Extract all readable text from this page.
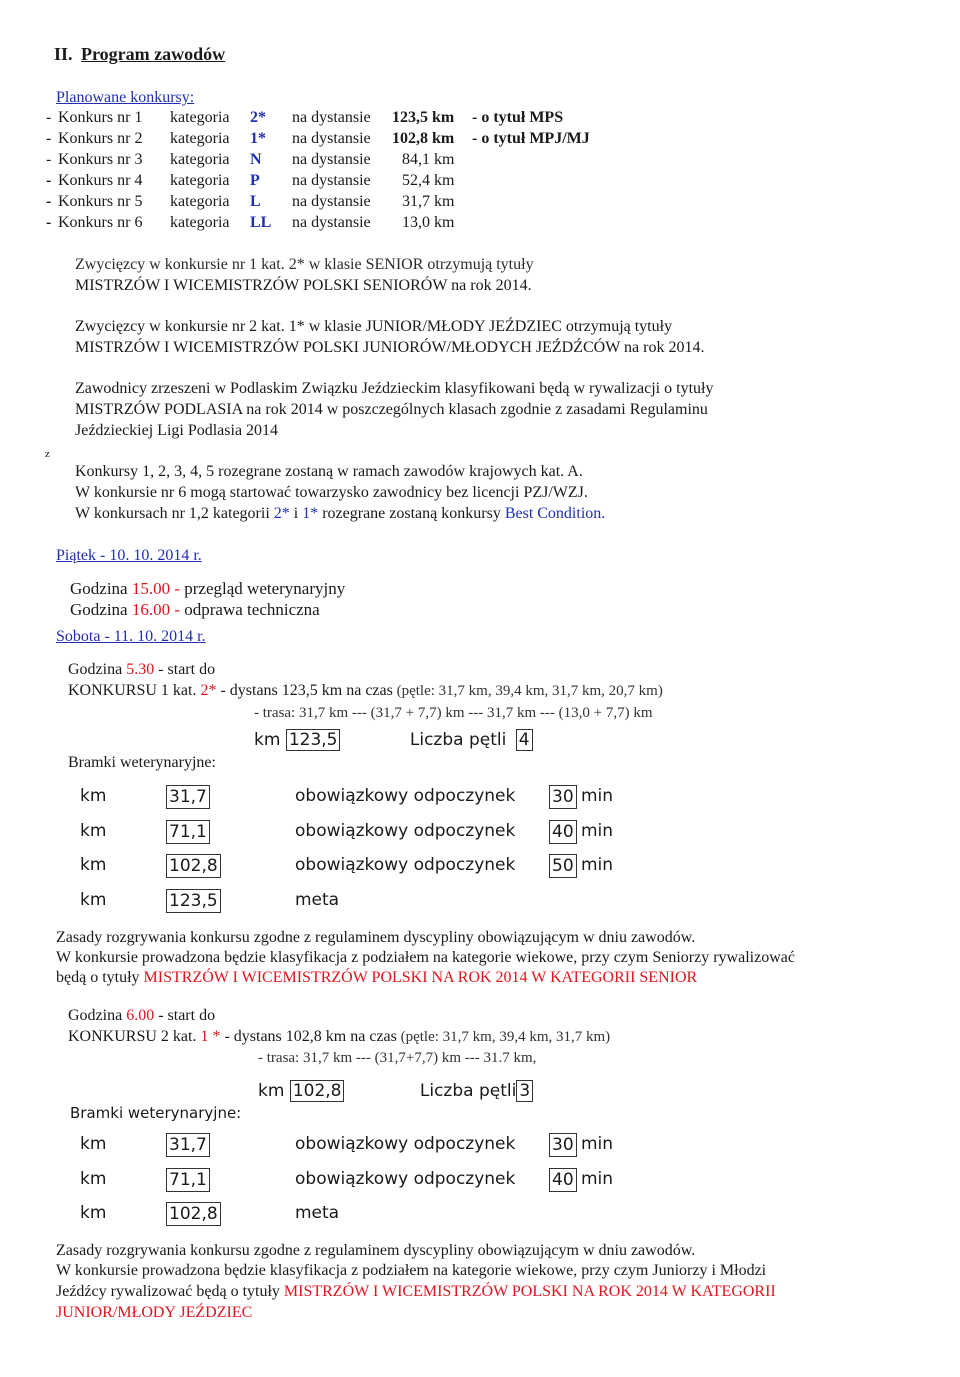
II. Program zawodów
Planowane konkursy:
Zwycięzcy w konkursie nr 1 kat. 2* w klasie SENIOR otrzymują tytuły
MISTRZÓW I WICEMISTRZÓW POLSKI SENIORÓW na rok 2014.
Zwycięzcy w konkursie nr 2 kat. 1* w klasie JUNIOR/MŁODY JEŹDZIEC otrzymują tytuły
MISTRZÓW I WICEMISTRZÓW POLSKI JUNIORÓW/MŁODYCH JEŹDŹCÓW na rok 2014.
Zawodnicy zrzeszeni w Podlaskim Związku Jeździeckim klasyfikowani będą w rywalizacji o tytuły
MISTRZÓW PODLASIA na rok 2014 w poszczególnych klasach zgodnie z zasadami Regulaminu
Jeździeckiej Ligi Podlasia 2014
z
Konkursy 1, 2, 3, 4, 5 rozegrane zostaną w ramach zawodów krajowych kat. A.
W konkursie nr 6 mogą startować towarzysko zawodnicy bez licencji PZJ/WZJ.
W konkursach nr 1,2 kategorii 2* i 1* rozegrane zostaną konkursy Best Condition.
Piątek - 10. 10. 2014 r.
Godzina 15.00 - przegląd weterynaryjny
Godzina 16.00 - odprawa techniczna
Sobota - 11. 10. 2014 r.
Godzina 5.30 - start do
KONKURSU 1 kat. 2* - dystans 123,5 km na czas (pętle: 31,7 km, 39,4 km, 31,7 km, 20,7 km)
- trasa: 31,7 km --- (31,7 + 7,7) km --- 31,7 km --- (13,0 + 7,7) km
km 123,5	Liczba pętli 4
Bramki weterynaryjne:
Zasady rozgrywania konkursu zgodne z regulaminem dyscypliny obowiązującym w dniu zawodów.
W konkursie prowadzona będzie klasyfikacja z podziałem na kategorie wiekowe, przy czym Seniorzy rywalizować
będą o tytuły MISTRZÓW I WICEMISTRZÓW POLSKI NA ROK 2014 W KATEGORII SENIOR
Godzina 6.00 - start do
KONKURSU 2 kat. 1 * - dystans 102,8 km na czas (pętle: 31,7 km, 39,4 km, 31,7 km)
- trasa: 31,7 km --- (31,7+7,7) km --- 31.7 km,
km 102,8	Liczba pętli 3
Bramki weterynaryjne:
Zasady rozgrywania konkursu zgodne z regulaminem dyscypliny obowiązującym w dniu zawodów.
W konkursie prowadzona będzie klasyfikacja z podziałem na kategorie wiekowe, przy czym Juniorzy i Młodzi
Jeźdźcy rywalizować będą o tytuły MISTRZÓW I WICEMISTRZÓW POLSKI NA ROK 2014 W KATEGORII
JUNIOR/MŁODY JEŹDZIEC
- Konkurs nr 1 kategoria 2* na dystansie 123,5 km - o tytuł MPS
- Konkurs nr 2 kategoria 1* na dystansie 102,8 km - o tytuł MPJ/MJ
- Konkurs nr 3 kategoria N na dystansie 84,1 km
- Konkurs nr 4 kategoria P na dystansie 52,4 km
- Konkurs nr 5 kategoria L na dystansie 31,7 km
- Konkurs nr 6 kategoria LL na dystansie 13,0 km
km	31,7	obowiązkowy odpoczynek 30 min
km	71,1	obowiązkowy odpoczynek 40 min
km	102,8	obowiązkowy odpoczynek 50 min
km	123,5	meta
km	31,7	obowiązkowy odpoczynek 30 min
km	71,1	obowiązkowy odpoczynek 40 min
km	102,8	meta
